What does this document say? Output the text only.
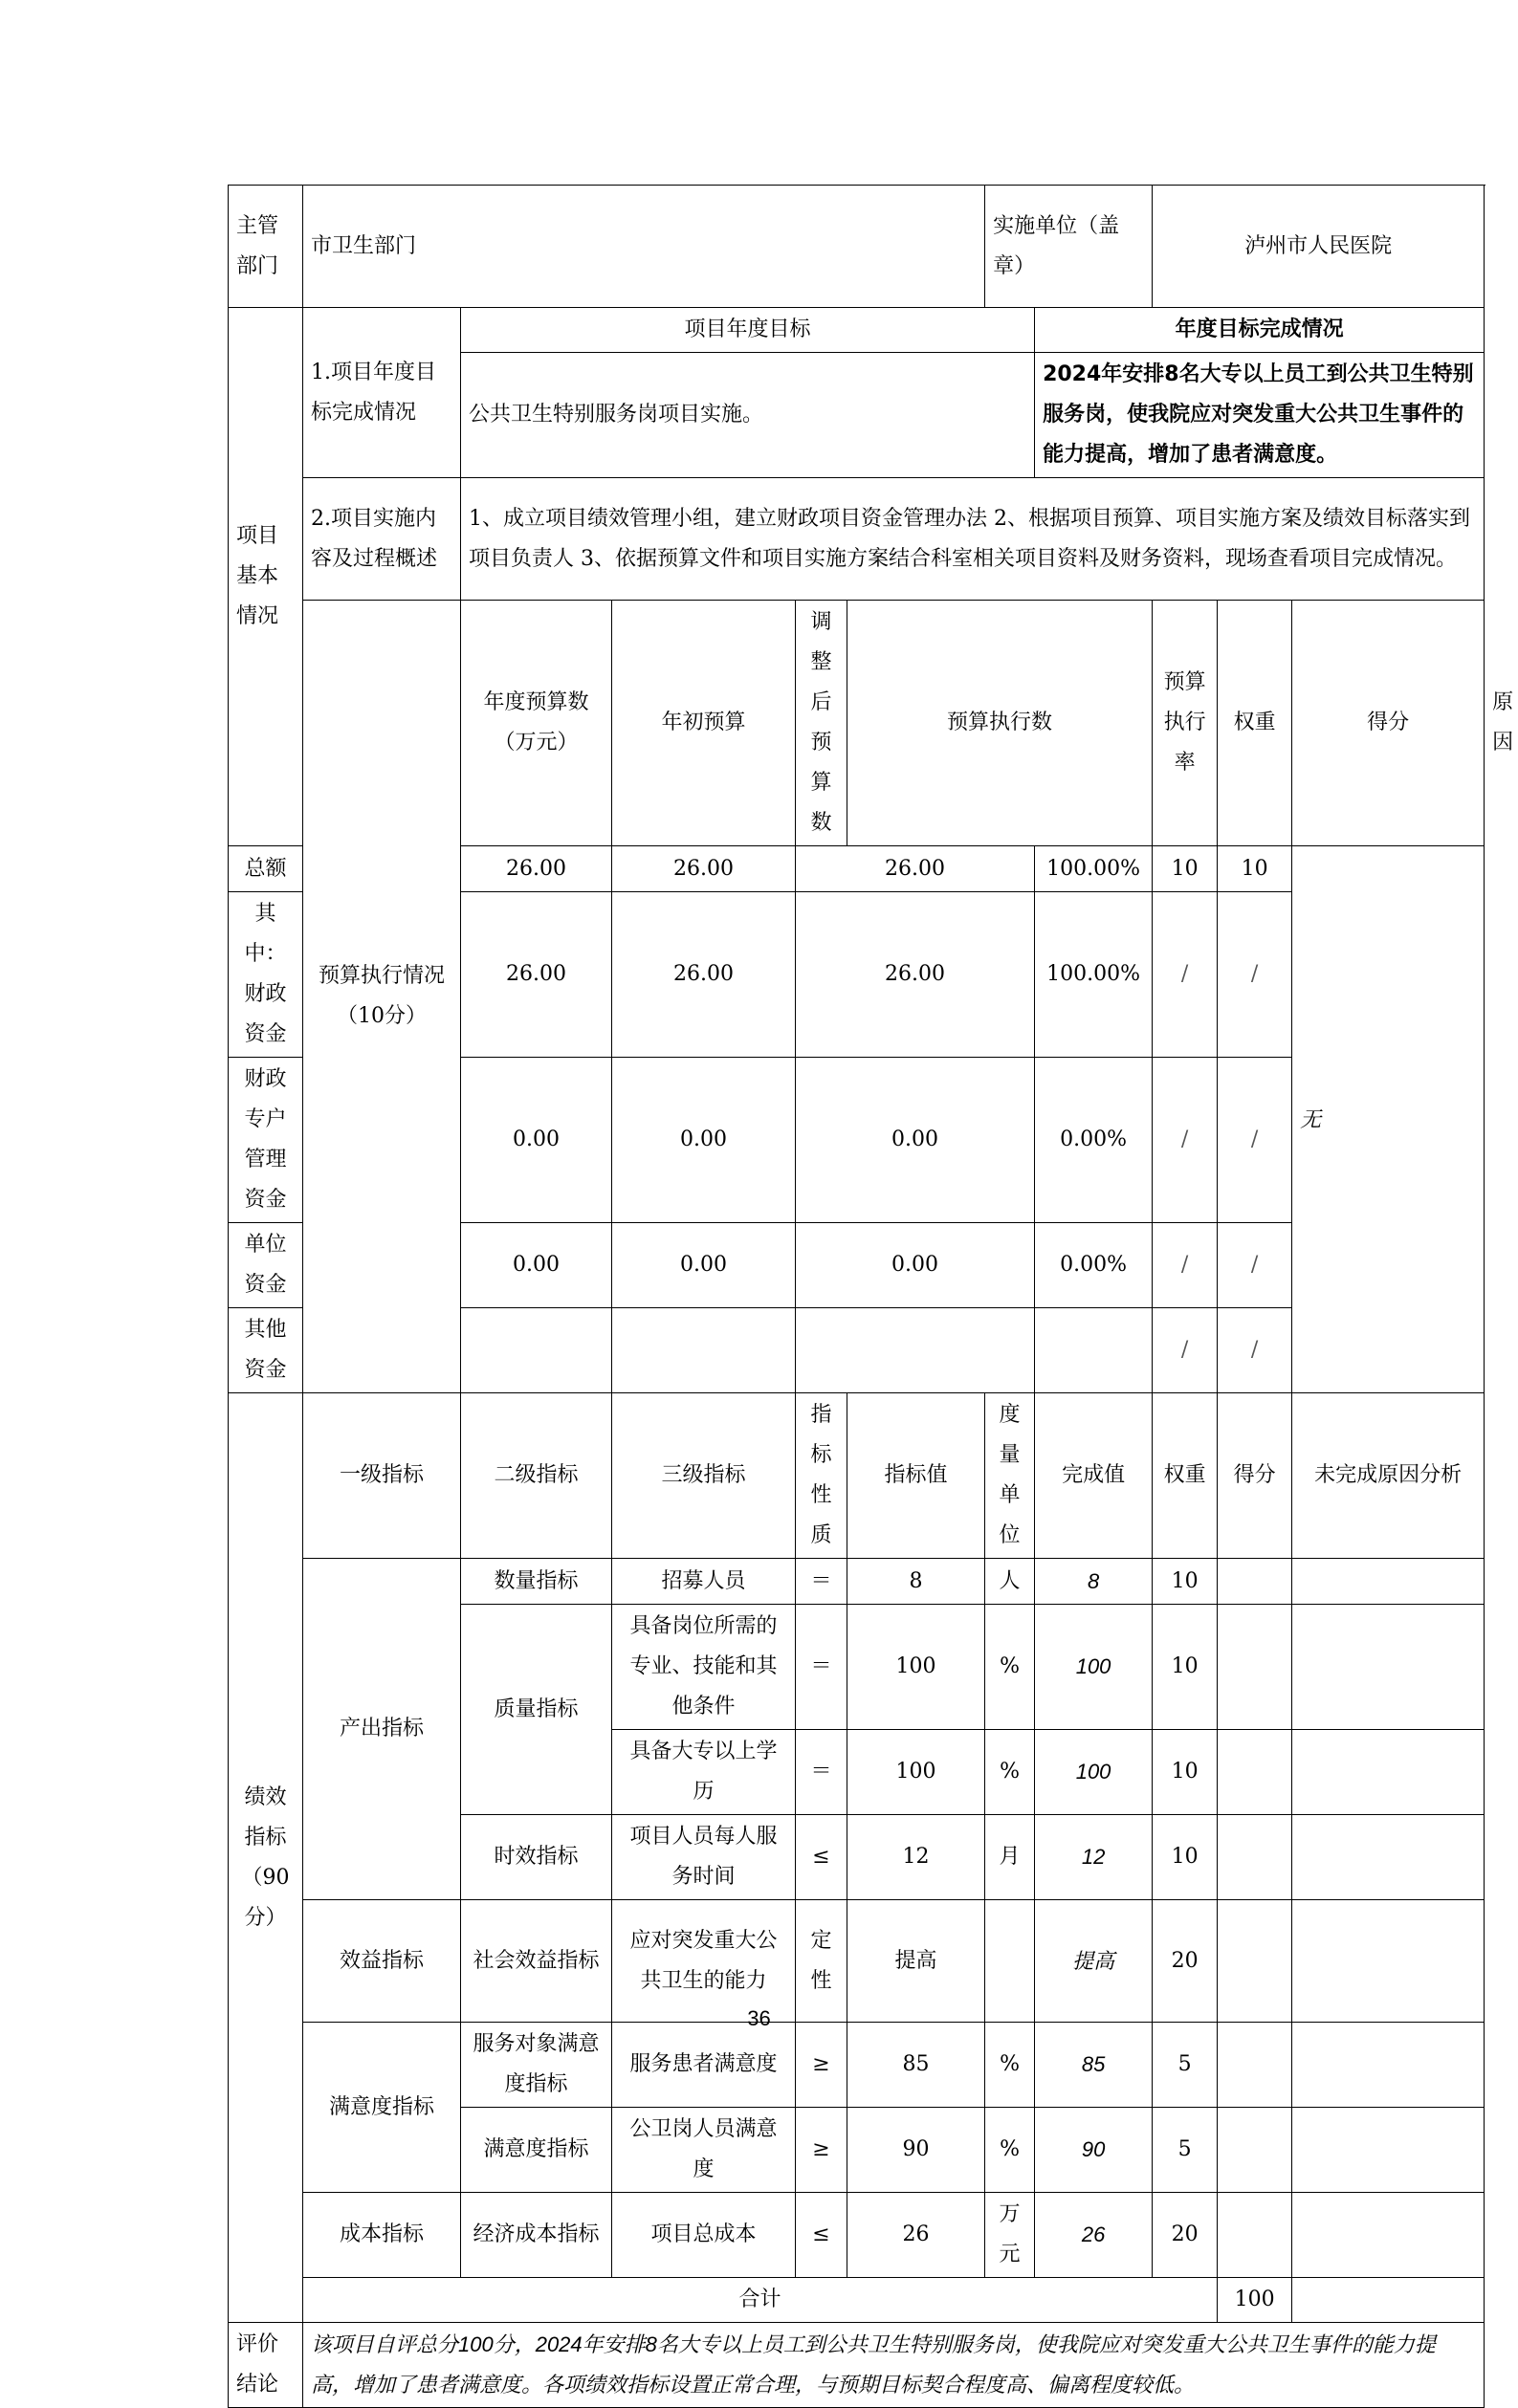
主管部门	市卫生部门					实施单位（盖章）		泸州市人民医院			
项目基本情况	1.项目年度目标完成情况	项目年度目标					年度目标完成情况				
		公共卫生特别服务岗项目实施。					2024年安排8名大专以上员工到公共卫生特别服务岗，使我院应对突发重大公共卫生事件的能力提高，增加了患者满意度。				
	2.项目实施内容及过程概述	1、成立项目绩效管理小组，建立财政项目资金管理办法 2、根据项目预算、项目实施方案及绩效目标落实到项目负责人 3、依据预算文件和项目实施方案结合科室相关项目资料及财务资料，现场查看项目完成情况。									
	预算执行情况（10分）	年度预算数（万元）	年初预算	调整后预算数	预算执行数			预算执行率	权重	得分	原因
总额		26.00	26.00	26.00			100.00%	10	10	无	
其中：财政资金		26.00	26.00	26.00			100.00%	/	/		
财政专户管理资金		0.00	0.00	0.00			0.00%	/	/		
单位资金		0.00	0.00	0.00			0.00%	/	/		
其他资金								/	/		
绩效指标（90分）	一级指标	二级指标	三级指标	指标性质	指标值	度量单位	完成值	权重	得分	未完成原因分析	
	产出指标	数量指标	招募人员	＝	8	人	8	10			
		质量指标	具备岗位所需的专业、技能和其他条件	＝	100	%	100	10			
			具备大专以上学历	＝	100	%	100	10			
		时效指标	项目人员每人服务时间	≤	12	月	12	10			
	效益指标	社会效益指标	应对突发重大公共卫生的能力	定性	提高		提高	20			
	满意度指标	服务对象满意度指标	服务患者满意度	≥	85	%	85	5			
		满意度指标	公卫岗人员满意度	≥	90	%	90	5			
	成本指标	经济成本指标	项目总成本	≤	26	万元	26	20			
	合计								100		
评价结论	该项目自评总分100分，2024年安排8名大专以上员工到公共卫生特别服务岗，使我院应对突发重大公共卫生事件的能力提高，增加了患者满意度。各项绩效指标设置正常合理，与预期目标契合程度高、偏离程度较低。										
36
